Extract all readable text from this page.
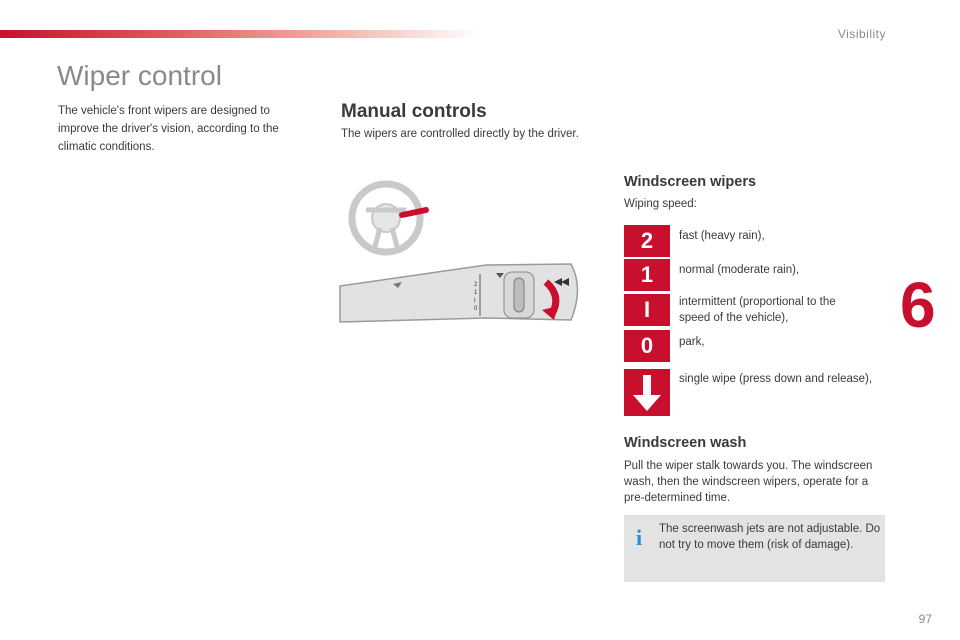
Visibility
6
Wiper control

The vehicle's front wipers are designed to improve the driver's vision, according to the climatic conditions.

Manual controls

The wipers are controlled directly by the driver.

2
1
I
0
Windscreen wipers

Wiping speed:

2	fast (heavy rain),
1	normal (moderate rain),
I	intermittent (proportional to the speed of the vehicle),
0	park,
single wipe (press down and release),
Windscreen wash

Pull the wiper stalk towards you. The windscreen wash, then the windscreen wipers, operate for a pre-determined time.

i The screenwash jets are not adjustable. Do not try to move them (risk of damage).

97
